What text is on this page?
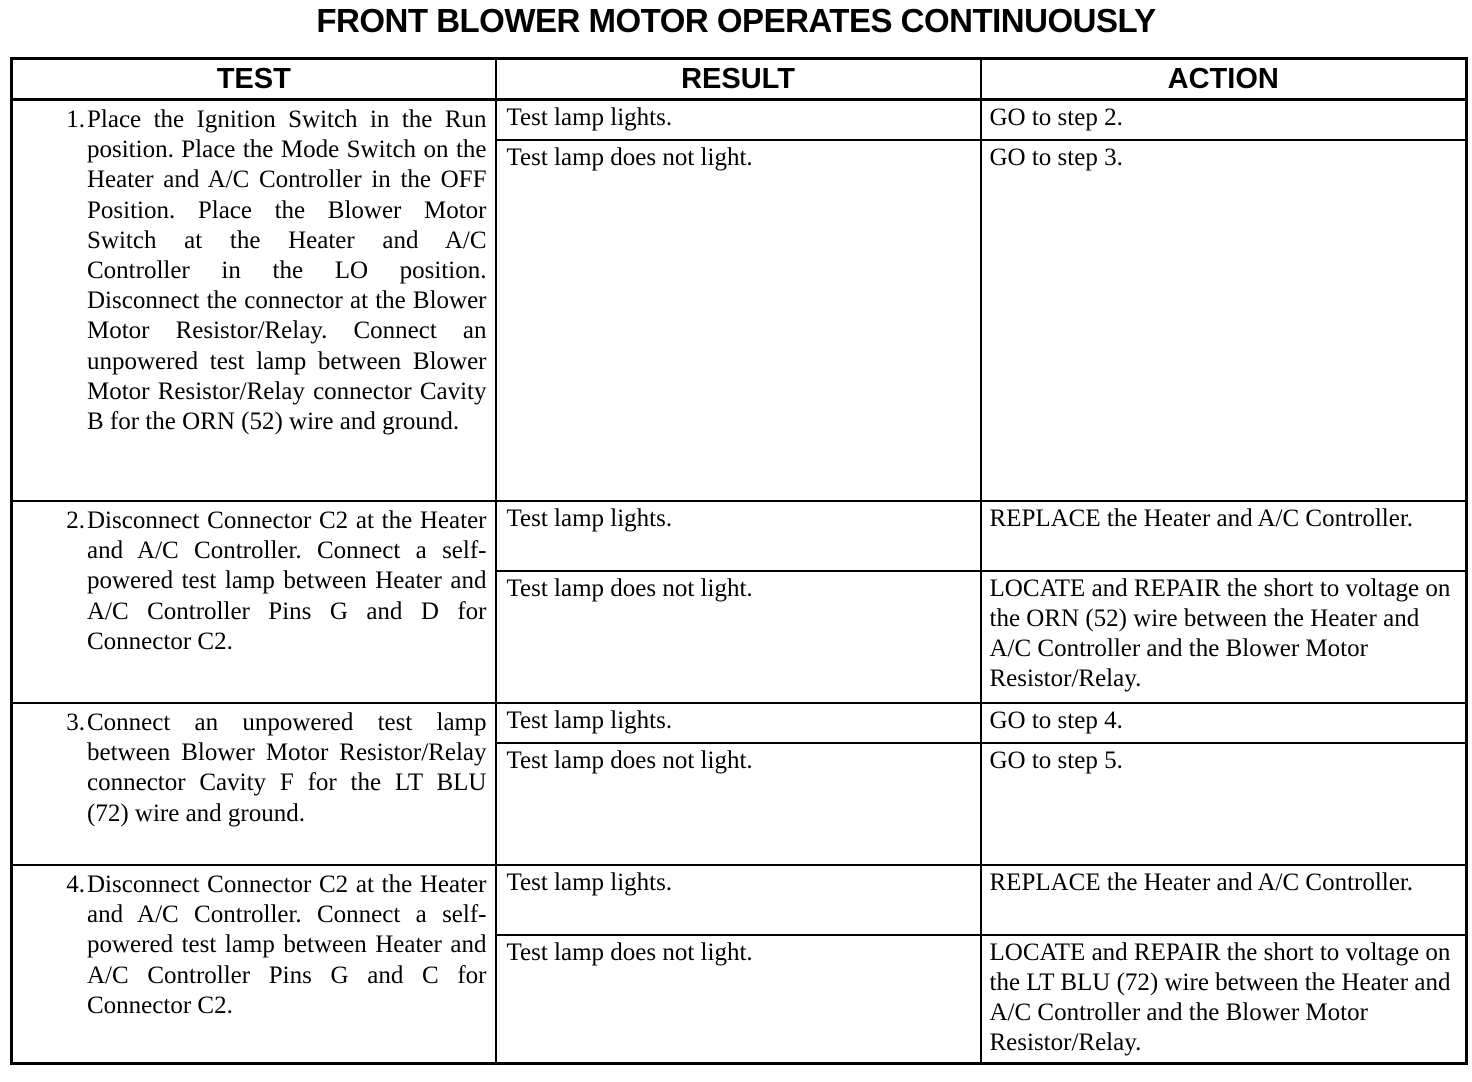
FRONT BLOWER MOTOR OPERATES CONTINUOUSLY
TEST	RESULT	ACTION

1. Place the Ignition Switch in the Run position. Place the Mode Switch on the Heater and A/C Controller in the OFF Position. Place the Blower Motor Switch at the Heater and A/C Controller in the LO position. Disconnect the connector at the Blower Motor Resistor/Relay. Connect an unpowered test lamp between Blower Motor Resistor/Relay connector Cavity B for the ORN (52) wire and ground.	Test lamp lights.	GO to step 2.
	Test lamp does not light.	GO to step 3.

2. Disconnect Connector C2 at the Heater and A/C Controller. Connect a self-powered test lamp between Heater and A/C Controller Pins G and D for Connector C2.	Test lamp lights.	REPLACE the Heater and A/C Controller.
	Test lamp does not light.	LOCATE and REPAIR the short to voltage on the ORN (52) wire between the Heater and A/C Controller and the Blower Motor Resistor/Relay.

3. Connect an unpowered test lamp between Blower Motor Resistor/Relay connector Cavity F for the LT BLU (72) wire and ground.	Test lamp lights.	GO to step 4.
	Test lamp does not light.	GO to step 5.

4. Disconnect Connector C2 at the Heater and A/C Controller. Connect a self-powered test lamp between Heater and A/C Controller Pins G and C for Connector C2.	Test lamp lights.	REPLACE the Heater and A/C Controller.
	Test lamp does not light.	LOCATE and REPAIR the short to voltage on the LT BLU (72) wire between the Heater and A/C Controller and the Blower Motor Resistor/Relay.
